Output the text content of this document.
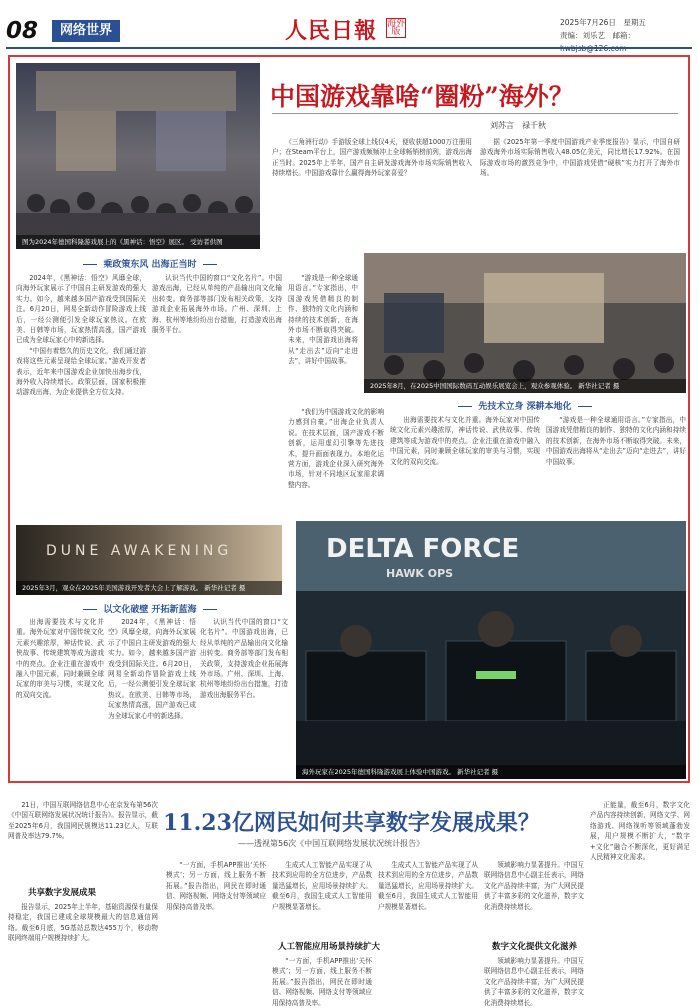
08	网络世界	人民日報 海外版
2025年7月26日　星期五
责编：刘乐艺　邮箱：
图为2024年德国科隆游戏展上的《黑神话：悟空》展区。 受访者供图
中国游戏靠啥“圈粉”海外？
刘苏言　禄千秋

《三角洲行动》手游版全球上线仅4天，便收获超1000万注册用户；在Steam平台上，国产游戏频频冲上全球畅销榜前列，游戏出海正当时。2025年上半年，国产自主研发游戏海外市场实际销售收入持续增长。中国游戏靠什么赢得海外玩家喜爱？

据《2025年第一季度中国游戏产业季度报告》显示，中国自研游戏海外市场实际销售收入48.05亿美元，同比增长17.92%。在国际游戏市场的激烈竞争中，中国游戏凭借“硬核”实力打开了海外市场。

乘政策东风 出海正当时

2024年，《黑神话：悟空》风靡全球，向海外玩家展示了中国自主研发游戏的强大实力。如今，越来越多国产游戏受到国际关注。6月20日，网易全新动作冒险游戏上线后，一经公测便引发全球玩家热议。在欧美、日韩等市场，玩家热情高涨，国产游戏已成为全球玩家心中的新选择。

“中国有着悠久的历史文化，我们通过游戏将这些元素呈现给全球玩家。”游戏开发者表示，近年来中国游戏企业加快出海步伐，海外收入持续增长。政策层面，国家积极推动游戏出海，为企业提供全方位支持。

认识当代中国的窗口“文化名片”。中国游戏出海，已经从单纯的产品输出向文化输出转变。商务部等部门发布相关政策，支持游戏企业拓展海外市场。广州、深圳、上海、杭州等地纷纷出台措施，打造游戏出海服务平台。

“游戏是一种全球通用语言。”专家指出，中国游戏凭借精良的制作、独特的文化内涵和持续的技术创新，在海外市场不断取得突破。未来，中国游戏出海将从“走出去”迈向“走进去”，讲好中国故事。

2025年8月，在2025中国国际数码互动娱乐展览会上，观众参观体验。 新华社记者 摄
先技术立身 深耕本地化

“我们为中国游戏文化的影响力感到自豪。”出海企业负责人说。在技术层面，国产游戏不断创新，运用虚幻引擎等先进技术，提升画面表现力。本地化运营方面，游戏企业深入研究海外市场，针对不同地区玩家需求调整内容。

出海需要技术与文化并重。海外玩家对中国传统文化元素兴趣浓厚，神话传说、武侠故事、传统建筑等成为游戏中的亮点。企业注重在游戏中融入中国元素，同时兼顾全球玩家的审美与习惯，实现文化的双向交流。

“游戏是一种全球通用语言。”专家指出，中国游戏凭借精良的制作、独特的文化内涵和持续的技术创新，在海外市场不断取得突破。未来，中国游戏出海将从“走出去”迈向“走进去”，讲好中国故事。

DUNE AWAKENING
2025年3月，观众在2025年美国游戏开发者大会上了解游戏。 新华社记者 摄
以文化破壁 开拓新蓝海

出海需要技术与文化并重。海外玩家对中国传统文化元素兴趣浓厚，神话传说、武侠故事、传统建筑等成为游戏中的亮点。企业注重在游戏中融入中国元素，同时兼顾全球玩家的审美与习惯，实现文化的双向交流。

2024年，《黑神话：悟空》风靡全球，向海外玩家展示了中国自主研发游戏的强大实力。如今，越来越多国产游戏受到国际关注。6月20日，网易全新动作冒险游戏上线后，一经公测便引发全球玩家热议。在欧美、日韩等市场，玩家热情高涨，国产游戏已成为全球玩家心中的新选择。

认识当代中国的窗口“文化名片”。中国游戏出海，已经从单纯的产品输出向文化输出转变。商务部等部门发布相关政策，支持游戏企业拓展海外市场。广州、深圳、上海、杭州等地纷纷出台措施，打造游戏出海服务平台。

DELTA FORCE
HAWK OPS
海外玩家在2025年德国科隆游戏展上体验中国游戏。 新华社记者 摄

21日，中国互联网络信息中心在京发布第56次《中国互联网络发展状况统计报告》。报告显示，截至2025年6月，我国网民规模达11.23亿人，互联网普及率达79.7%。

共享数字发展成果

报告显示，2025年上半年，基础资源保有量保持稳定，我国已建成全球规模最大的信息通信网络。截至6月底，5G基站总数达455万个，移动物联网终端用户规模持续扩大。

11.23亿网民如何共享数字发展成果？
——透视第56次《中国互联网络发展状况统计报告》

“一方面，手机APP推出‘关怀模式’；另一方面，线上服务不断拓展。”报告指出，网民在即时通信、网络视频、网络支付等领域应用保持高普及率。

生成式人工智能产品实现了从技术到应用的全方位进步，产品数量迅猛增长，应用场景持续扩大。截至6月，我国生成式人工智能用户规模显著增长。

人工智能应用场景持续扩大

“一方面，手机APP推出‘关怀模式’；另一方面，线上服务不断拓展。”报告指出，网民在即时通信、网络视频、网络支付等领域应用保持高普及率。

生成式人工智能产品实现了从技术到应用的全方位进步，产品数量迅猛增长，应用场景持续扩大。截至6月，我国生成式人工智能用户规模显著增长。

领域影响力显著提升。中国互联网络信息中心副主任表示，网络文化产品持续丰富，为广大网民提供了丰富多彩的文化滋养，数字文化消费持续增长。

数字文化提供文化滋养

领域影响力显著提升。中国互联网络信息中心副主任表示，网络文化产品持续丰富，为广大网民提供了丰富多彩的文化滋养，数字文化消费持续增长。

正能量，截至6月，数字文化产品内容持续创新，网络文学、网络游戏、网络视听等领域蓬勃发展，用户规模不断扩大，“数字+文化”融合不断深化，更好满足人民精神文化需求。
